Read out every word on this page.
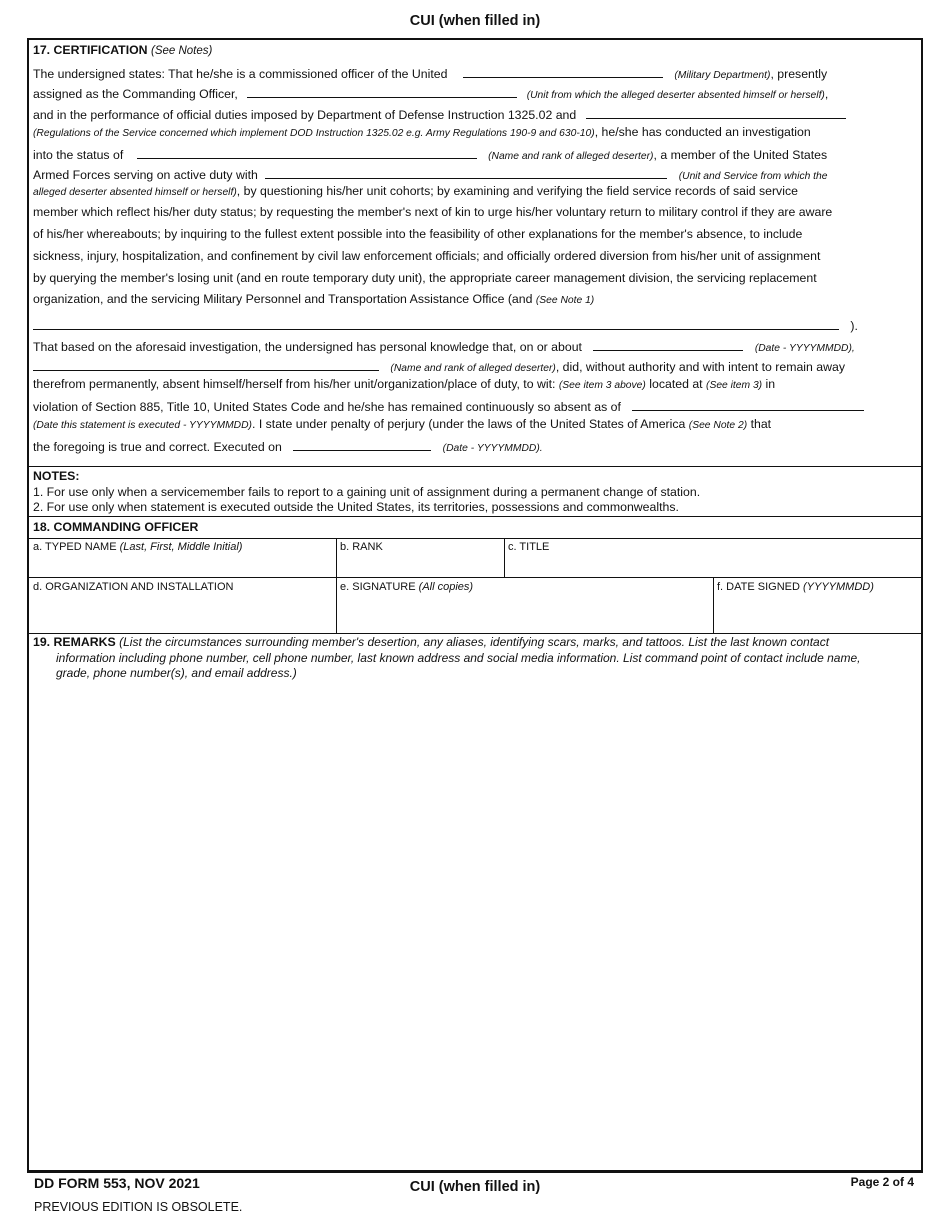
CUI (when filled in)
17. CERTIFICATION (See Notes)
The undersigned states: That he/she is a commissioned officer of the United	(Military Department), presently
assigned as the Commanding Officer,	(Unit from which the alleged deserter absented himself or herself),
and in the performance of official duties imposed by Department of Defense Instruction 1325.02 and
(Regulations of the Service concerned which implement DOD Instruction 1325.02 e.g. Army Regulations 190-9 and 630-10), he/she has conducted an investigation
into the status of	(Name and rank of alleged deserter), a member of the United States
Armed Forces serving on active duty with	(Unit and Service from which the
alleged deserter absented himself or herself), by questioning his/her unit cohorts; by examining and verifying the field service records of said service
member which reflect his/her duty status; by requesting the member's next of kin to urge his/her voluntary return to military control if they are aware
of his/her whereabouts; by inquiring to the fullest extent possible into the feasibility of other explanations for the member's absence, to include
sickness, injury, hospitalization, and confinement by civil law enforcement officials; and officially ordered diversion from his/her unit of assignment
by querying the member's losing unit (and en route temporary duty unit), the appropriate career management division, the servicing replacement
organization, and the servicing Military Personnel and Transportation Assistance Office (and (See Note 1)
).
That based on the aforesaid investigation, the undersigned has personal knowledge that, on or about	(Date - YYYYMMDD),
(Name and rank of alleged deserter), did, without authority and with intent to remain away
therefrom permanently, absent himself/herself from his/her unit/organization/place of duty, to wit: (See item 3 above) located at (See item 3) in
violation of Section 885, Title 10, United States Code and he/she has remained continuously so absent as of
(Date this statement is executed - YYYYMMDD). I state under penalty of perjury (under the laws of the United States of America (See Note 2) that
the foregoing is true and correct. Executed on	(Date - YYYYMMDD).
NOTES:
1. For use only when a servicemember fails to report to a gaining unit of assignment during a permanent change of station.
2. For use only when statement is executed outside the United States, its territories, possessions and commonwealths.
18. COMMANDING OFFICER
a. TYPED NAME (Last, First, Middle Initial)	b. RANK	c. TITLE
d. ORGANIZATION AND INSTALLATION	e. SIGNATURE (All copies)	f. DATE SIGNED (YYYYMMDD)
19. REMARKS (List the circumstances surrounding member's desertion, any aliases, identifying scars, marks, and tattoos. List the last known contact
information including phone number, cell phone number, last known address and social media information. List command point of contact include name,
grade, phone number(s), and email address.)
DD FORM 553, NOV 2021
PREVIOUS EDITION IS OBSOLETE.
CUI (when filled in)	Page 2 of 4
